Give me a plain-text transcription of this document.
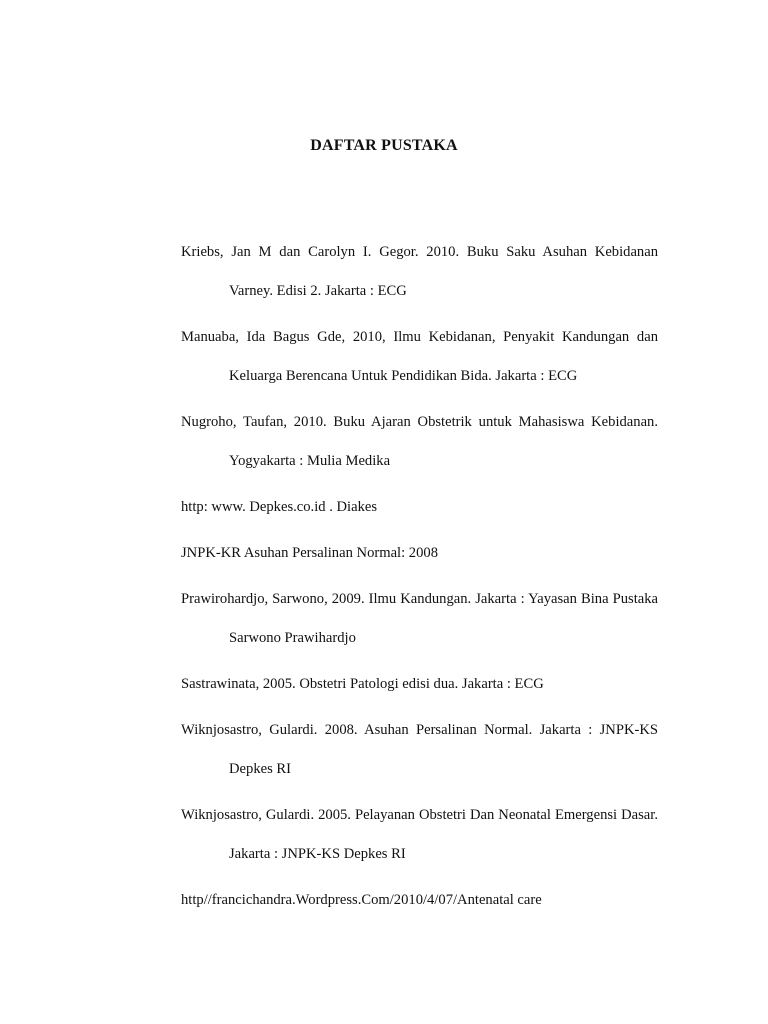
DAFTAR PUSTAKA
Kriebs, Jan M dan Carolyn I. Gegor. 2010. Buku Saku Asuhan Kebidanan Varney. Edisi 2. Jakarta : ECG
Manuaba, Ida Bagus Gde, 2010, Ilmu Kebidanan, Penyakit Kandungan dan Keluarga Berencana Untuk Pendidikan Bida. Jakarta : ECG
Nugroho, Taufan, 2010. Buku Ajaran Obstetrik untuk Mahasiswa Kebidanan. Yogyakarta : Mulia Medika
http: www. Depkes.co.id . Diakes
JNPK-KR Asuhan Persalinan Normal: 2008
Prawirohardjo, Sarwono, 2009. Ilmu Kandungan. Jakarta : Yayasan Bina Pustaka Sarwono Prawihardjo
Sastrawinata, 2005. Obstetri Patologi edisi dua. Jakarta : ECG
Wiknjosastro, Gulardi. 2008. Asuhan Persalinan Normal. Jakarta : JNPK-KS Depkes RI
Wiknjosastro, Gulardi. 2005. Pelayanan Obstetri Dan Neonatal Emergensi Dasar. Jakarta : JNPK-KS Depkes RI
http//francichandra.Wordpress.Com/2010/4/07/Antenatal care
